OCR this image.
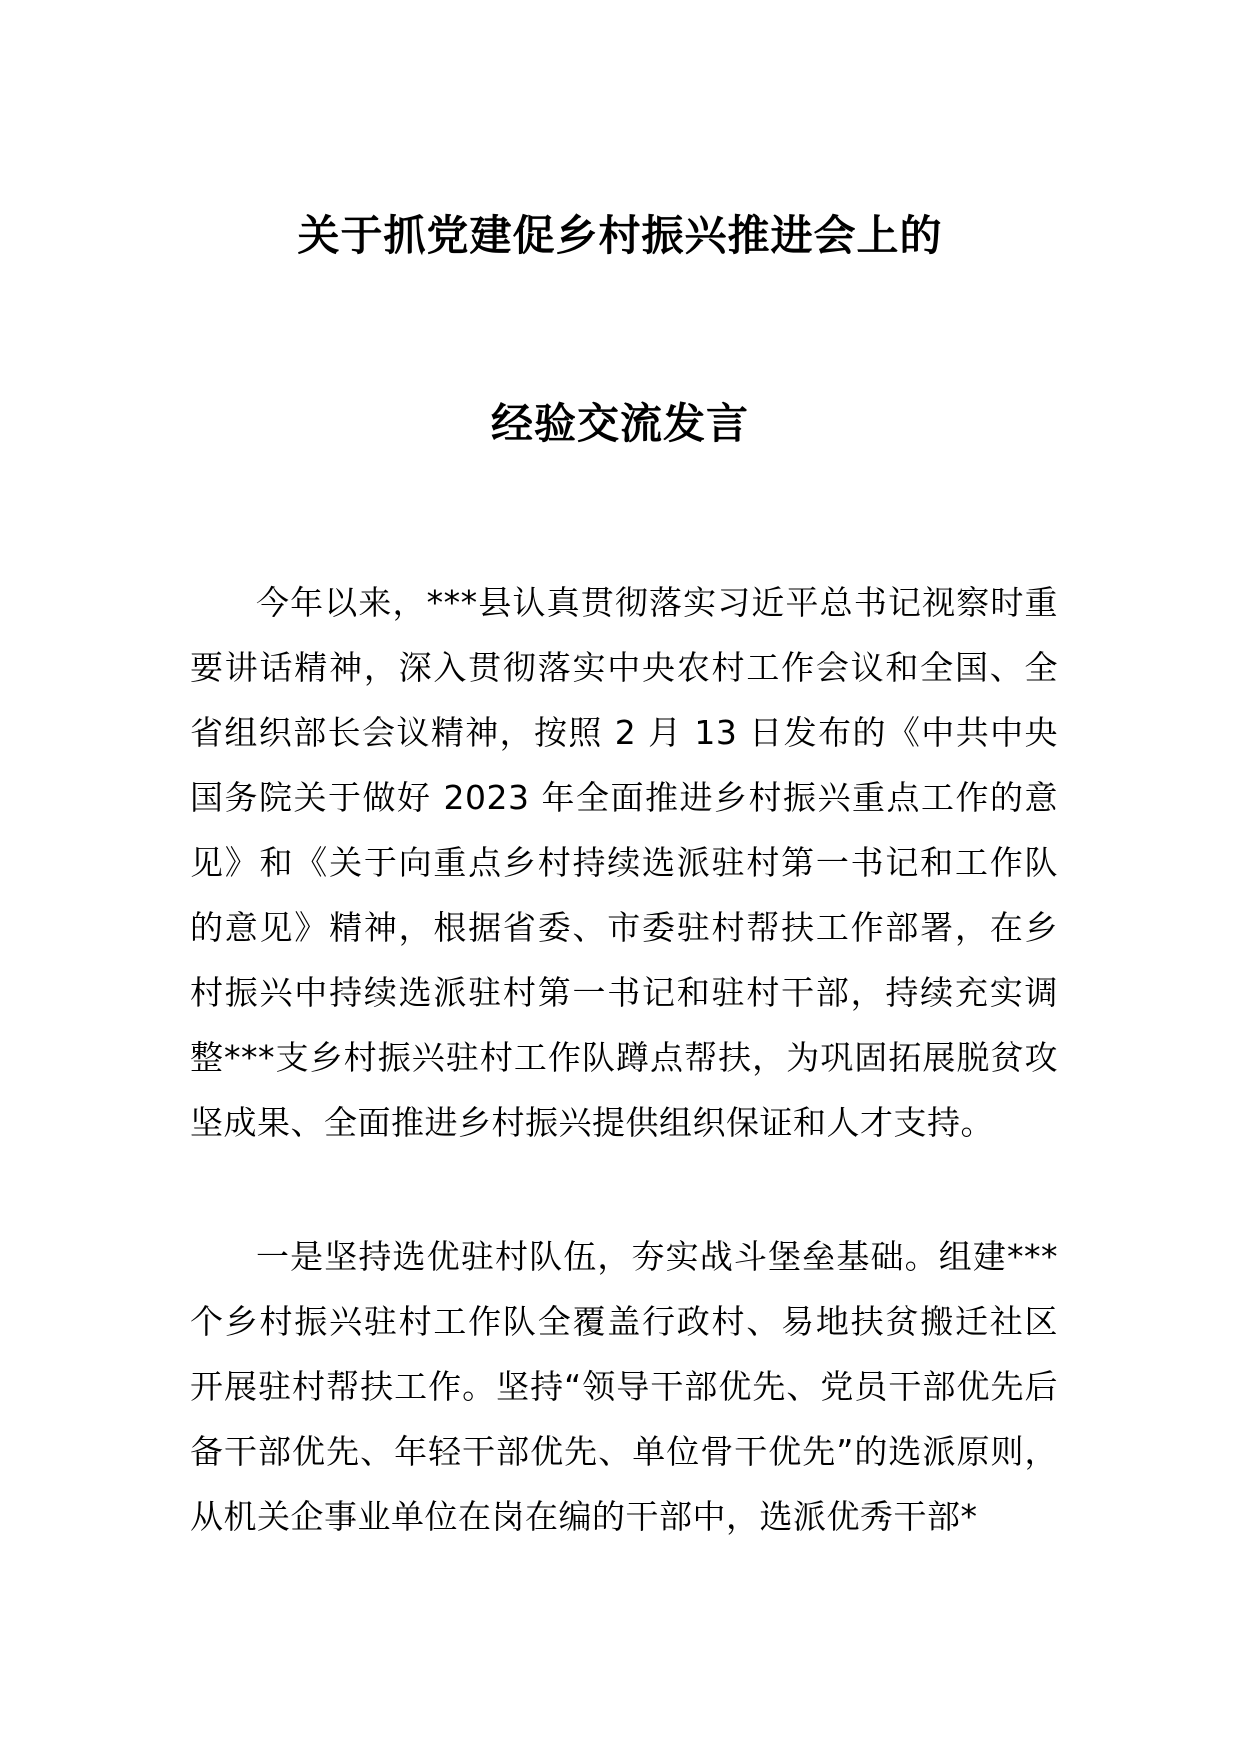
关于抓党建促乡村振兴推进会上的
经验交流发言

今年以来，***县认真贯彻落实习近平总书记视察时重要讲话精神，深入贯彻落实中央农村工作会议和全国、全省组织部长会议精神，按照 2 月 13 日发布的《中共中央国务院关于做好 2023 年全面推进乡村振兴重点工作的意见》和《关于向重点乡村持续选派驻村第一书记和工作队的意见》精神，根据省委、市委驻村帮扶工作部署，在乡村振兴中持续选派驻村第一书记和驻村干部，持续充实调整***支乡村振兴驻村工作队蹲点帮扶，为巩固拓展脱贫攻坚成果、全面推进乡村振兴提供组织保证和人才支持。

一是坚持选优驻村队伍，夯实战斗堡垒基础。组建***个乡村振兴驻村工作队全覆盖行政村、易地扶贫搬迁社区开展驻村帮扶工作。坚持“领导干部优先、党员干部优先后备干部优先、年轻干部优先、单位骨干优先”的选派原则，从机关企事业单位在岗在编的干部中，选派优秀干部*
